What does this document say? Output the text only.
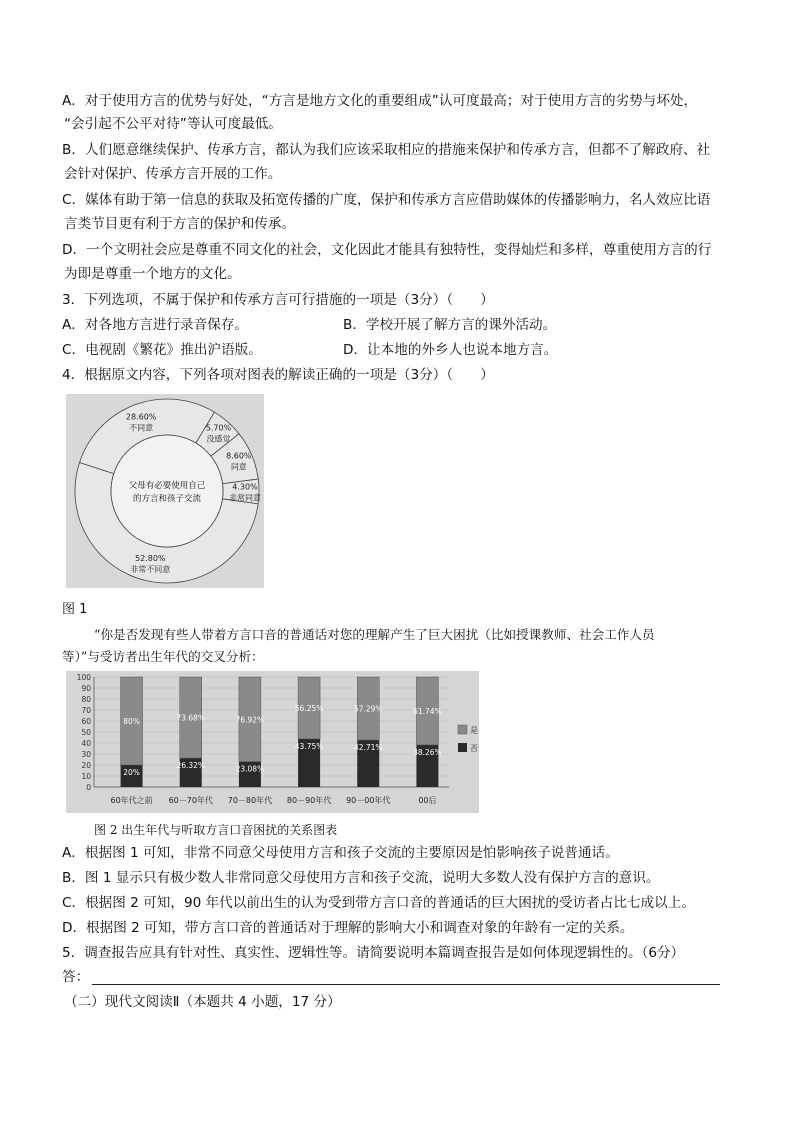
A．对于使用方言的优势与好处，“方言是地方文化的重要组成”认可度最高；对于使用方言的劣势与坏处，
“会引起不公平对待”等认可度最低。
B．人们愿意继续保护、传承方言，都认为我们应该采取相应的措施来保护和传承方言，但都不了解政府、社
会针对保护、传承方言开展的工作。
C．媒体有助于第一信息的获取及拓宽传播的广度，保护和传承方言应借助媒体的传播影响力，名人效应比语
言类节目更有利于方言的保护和传承。
D．一个文明社会应是尊重不同文化的社会，文化因此才能具有独特性，变得灿烂和多样，尊重使用方言的行
为即是尊重一个地方的文化。
3．下列选项，不属于保护和传承方言可行措施的一项是（3分）（　　）
A．对各地方言进行录音保存。	B．学校开展了解方言的课外活动。
C．电视剧《繁花》推出沪语版。	D．让本地的外乡人也说本地方言。
4．根据原文内容，下列各项对图表的解读正确的一项是（3分）（　　）
52.80%
非常不同意
28.60%
不同意	5.70%
没感觉
8.60%
同意
4.30%
非常同意
父母有必要使用自己
的方言和孩子交流
图 1
“你是否发现有些人带着方言口音的普通话对您的理解产生了巨大困扰（比如授课教师、社会工作人员
等）”与受访者出生年代的交叉分析：
0
10
20
30
40
50
60
70
80
90
100
80%
20%
60年代之前
73.68%
26.32%
60－70年代
76.92%
23.08%
70－80年代
56.25%
43.75%
80－90年代
57.29%
42.71%
90－00年代
61.74%
38.26%
00后
是
否
图 2 出生年代与听取方言口音困扰的关系图表
A．根据图 1 可知，非常不同意父母使用方言和孩子交流的主要原因是怕影响孩子说普通话。
B．图 1 显示只有极少数人非常同意父母使用方言和孩子交流，说明大多数人没有保护方言的意识。
C．根据图 2 可知，90 年代以前出生的认为受到带方言口音的普通话的巨大困扰的受访者占比七成以上。
D．根据图 2 可知，带方言口音的普通话对于理解的影响大小和调查对象的年龄有一定的关系。
5．调查报告应具有针对性、真实性、逻辑性等。请简要说明本篇调查报告是如何体现逻辑性的。（6分）
答：
（二）现代文阅读Ⅱ（本题共 4 小题，17 分）
